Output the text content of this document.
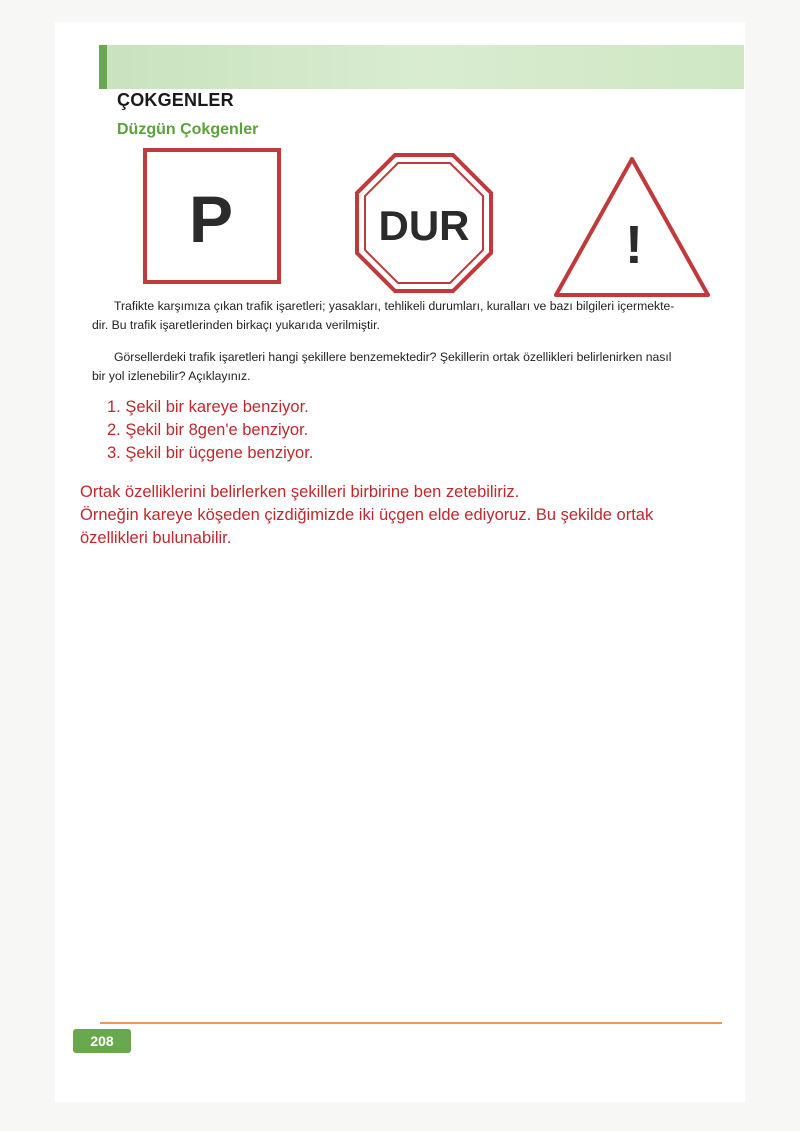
ÇOKGENLER
Düzgün Çokgenler
P	DUR	!
Trafikte karşımıza çıkan trafik işaretleri; yasakları, tehlikeli durumları, kuralları ve bazı bilgileri içermekte-
dir. Bu trafik işaretlerinden birkaçı yukarıda verilmiştir.
Görsellerdeki trafik işaretleri hangi şekillere benzemektedir? Şekillerin ortak özellikleri belirlenirken nasıl
bir yol izlenebilir? Açıklayınız.
1. Şekil bir kareye benziyor.
2. Şekil bir 8gen'e benziyor.
3. Şekil bir üçgene benziyor.
Ortak özelliklerini belirlerken şekilleri birbirine ben zetebiliriz.
Örneğin kareye köşeden çizdiğimizde iki üçgen elde ediyoruz. Bu şekilde ortak
özellikleri bulunabilir.
208
